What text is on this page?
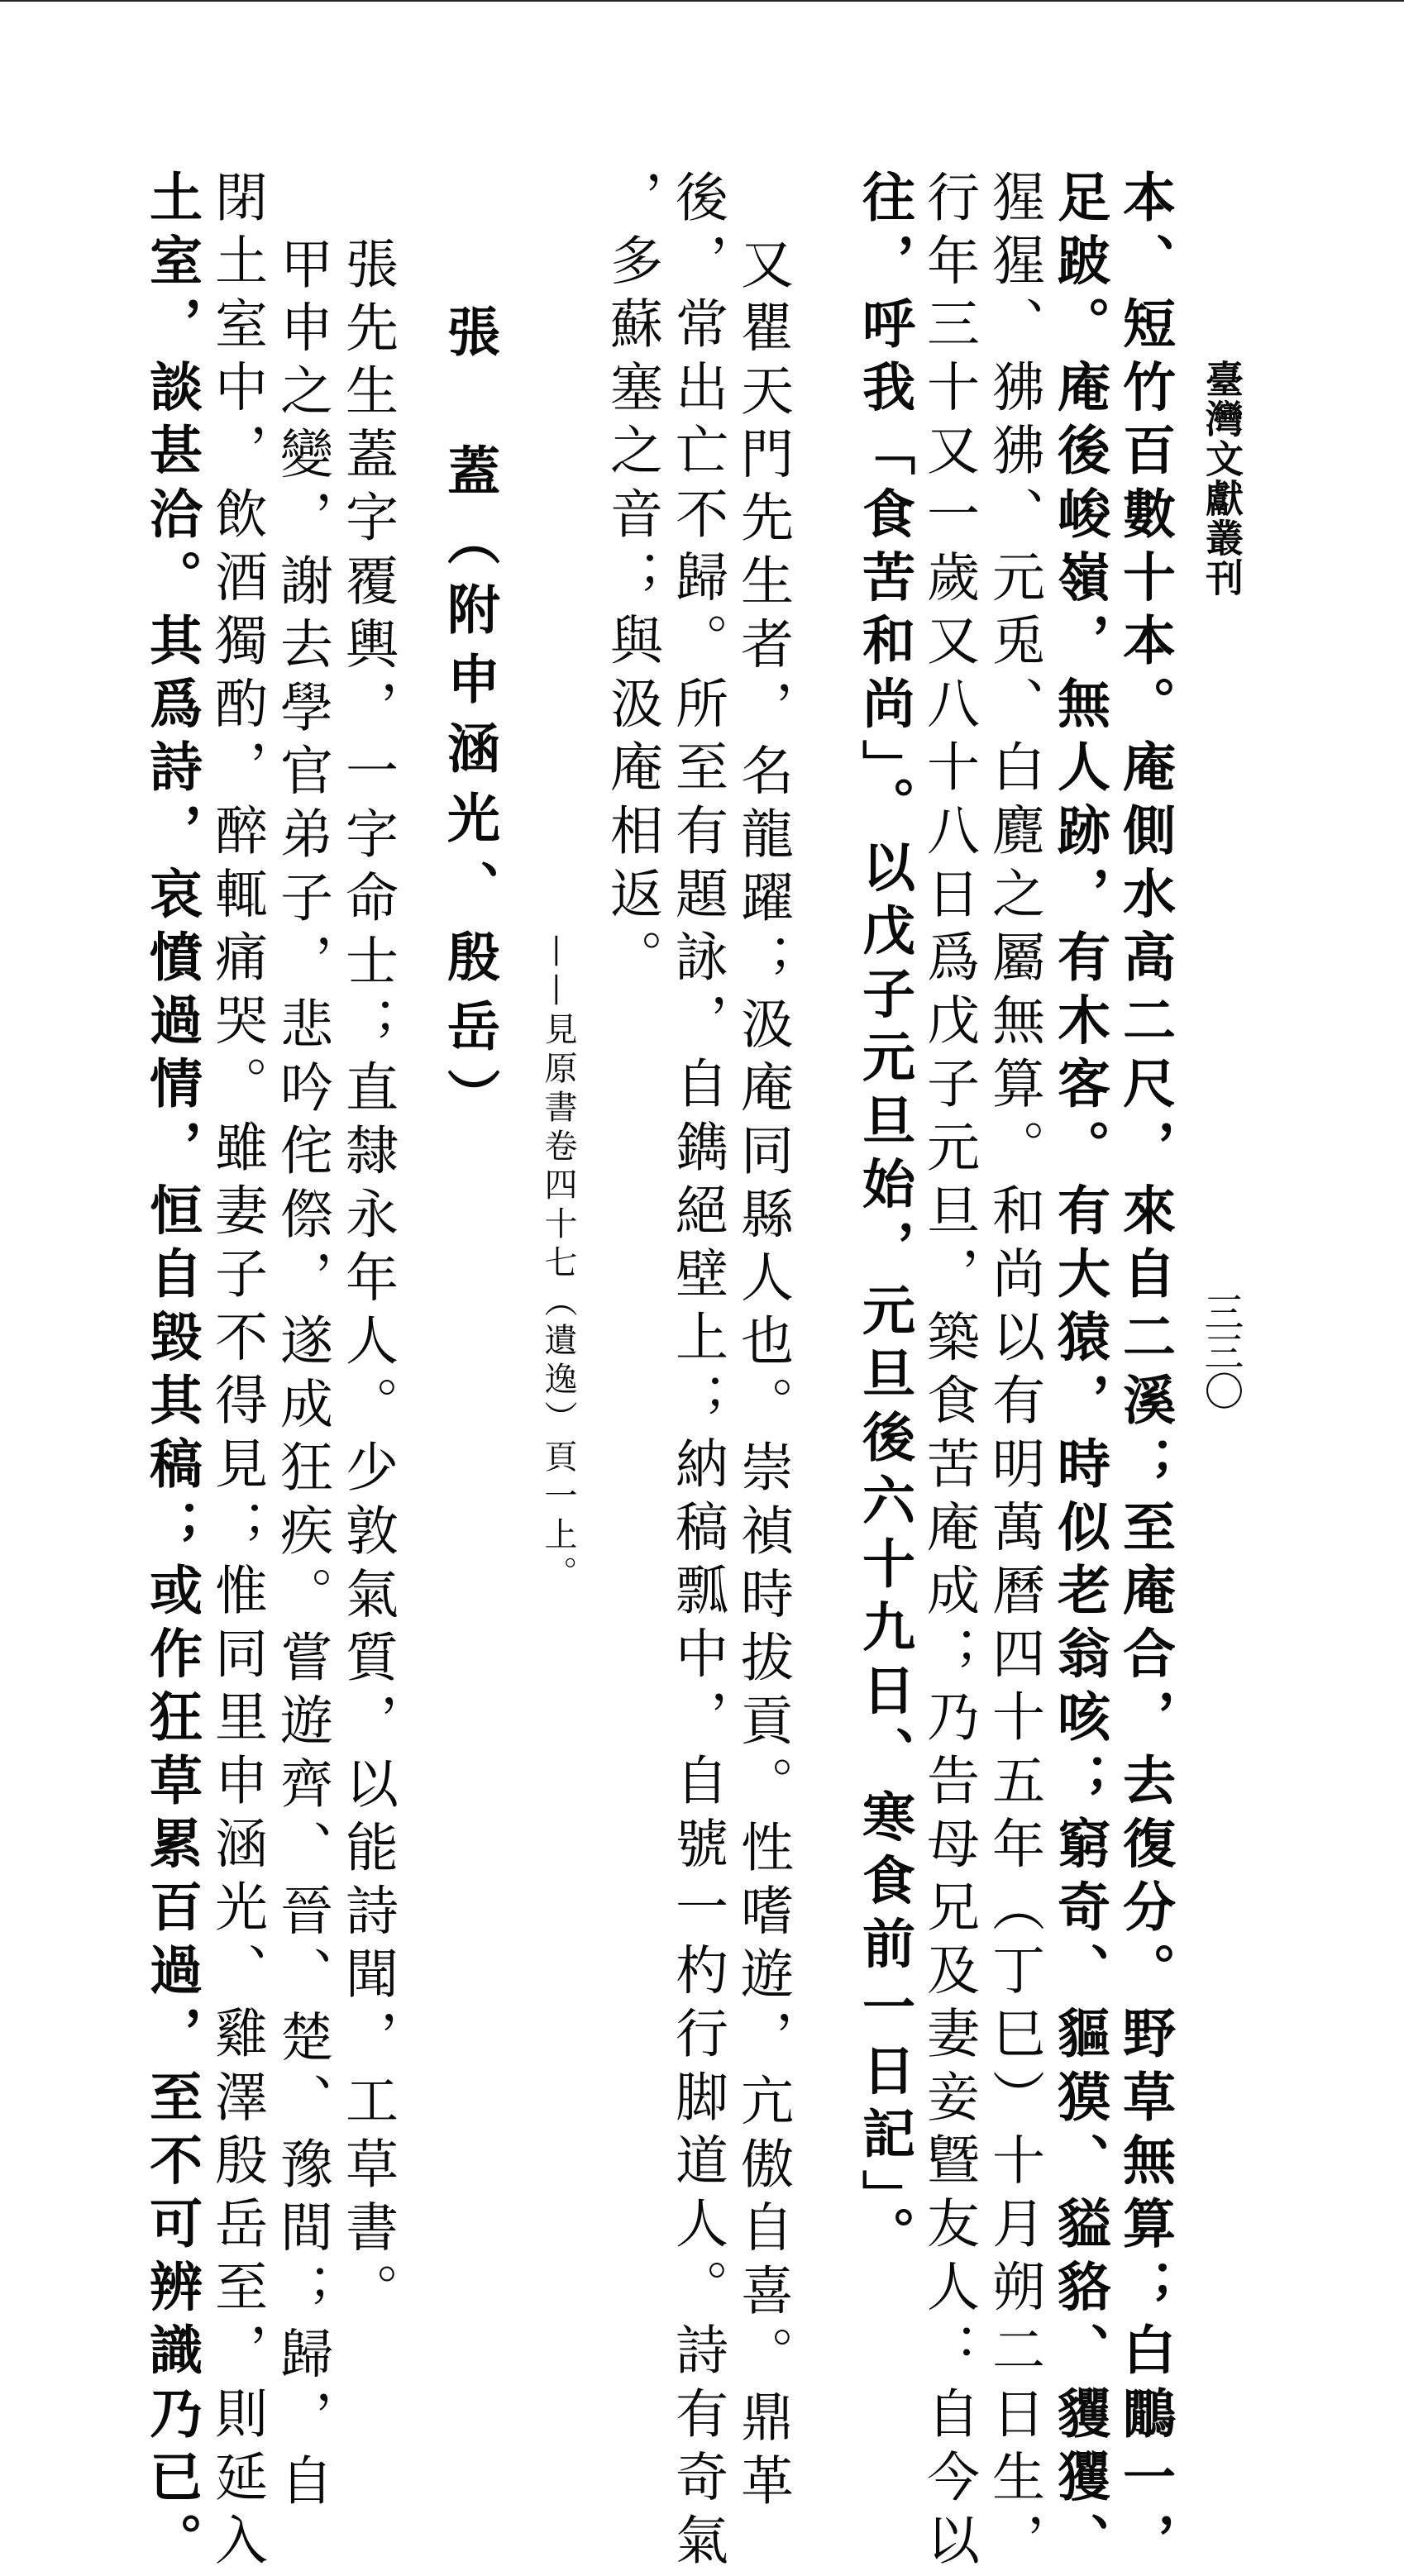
臺灣文獻叢刊
三三〇
本、短竹百數十本。庵側水高二尺，來自二溪；至庵合，去復分。野草無算；白鷳一，
足跛。庵後峻嶺，無人跡，有木客。有大猿，時似老翁咳；窮奇、貙獏、貖貉、貜玃、
猩猩、狒狒、元兎、白麑之屬無算。和尚以有明萬曆四十五年（丁巳）十月朔二日生，
行年三十又一歲又八十八日爲戊子元旦，築食苦庵成；乃告母兄及妻妾曁友人：自今以
往，呼我「食苦和尚」。以戊子元旦始，元旦後六十九日、寒食前一日記」。
又瞿天門先生者，名龍躍；汲庵同縣人也。崇禎時拔貢。性嗜遊，亢傲自喜。鼎革
後，常出亡不歸。所至有題詠，自鐫絕壁上；納稿瓢中，自號一杓行脚道人。詩有奇氣
，多蘇塞之音；與汲庵相返。
——見原書卷四十七（遺逸）頁一上。
張　蓋（附申涵光、殷岳）
張先生蓋字覆輿，一字命士；直隸永年人。少敦氣質，以能詩聞，工草書。
甲申之變，謝去學官弟子，悲吟侘傺，遂成狂疾。嘗遊齊、晉、楚、豫間；歸，自
閉土室中，飲酒獨酌，醉輒痛哭。雖妻子不得見；惟同里申涵光、雞澤殷岳至，則延入
土室，談甚洽。其爲詩，哀憤過情，恒自毀其稿；或作狂草累百過，至不可辨識乃已。
